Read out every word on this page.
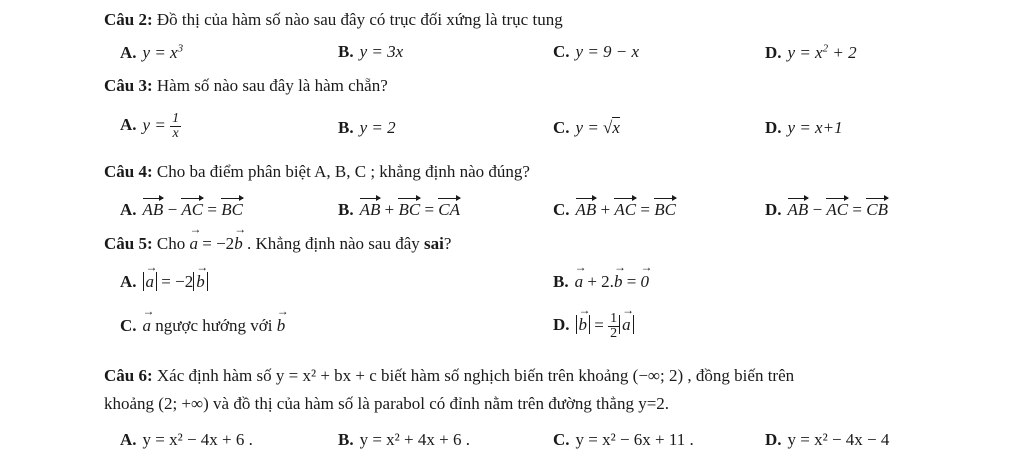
Câu 2: Đồ thị của hàm số nào sau đây có trục đối xứng là trục tung
A. $y = x^3$	B. y = 3x	C. y = 9 − x	D. $y = x^2 + 2$
Câu 3: Hàm số nào sau đây là hàm chẵn?
A. $y = \frac{1}{x}$	B. y = 2	C. y = √x	D. y = x+1
Câu 4: Cho ba điểm phân biệt A, B, C ; khẳng định nào đúng?
A. AB − AC = BC	B. AB + BC = CA	C. AB + AC = BC	D. AB − AC = CB
Câu 5: Cho → a = −2→ b . Khẳng định nào sau đây sai?
A.→ a = −2→ b	B.→ a + 2.→ b = → 0
C.→ a ngược hướng với → b	$D.\to b = \frac{1}{2}$
→ a
Câu 6: Xác định hàm số y = x² + bx + c biết hàm số nghịch biến trên khoảng (−∞; 2) , đồng biến trên
khoảng (2; +∞) và đồ thị của hàm số là parabol có đỉnh nằm trên đường thẳng y=2.
A. y = x² − 4x + 6 .	B. y = x² + 4x + 6 .	C. y = x² − 6x + 11 .	D. y = x² − 4x − 4
